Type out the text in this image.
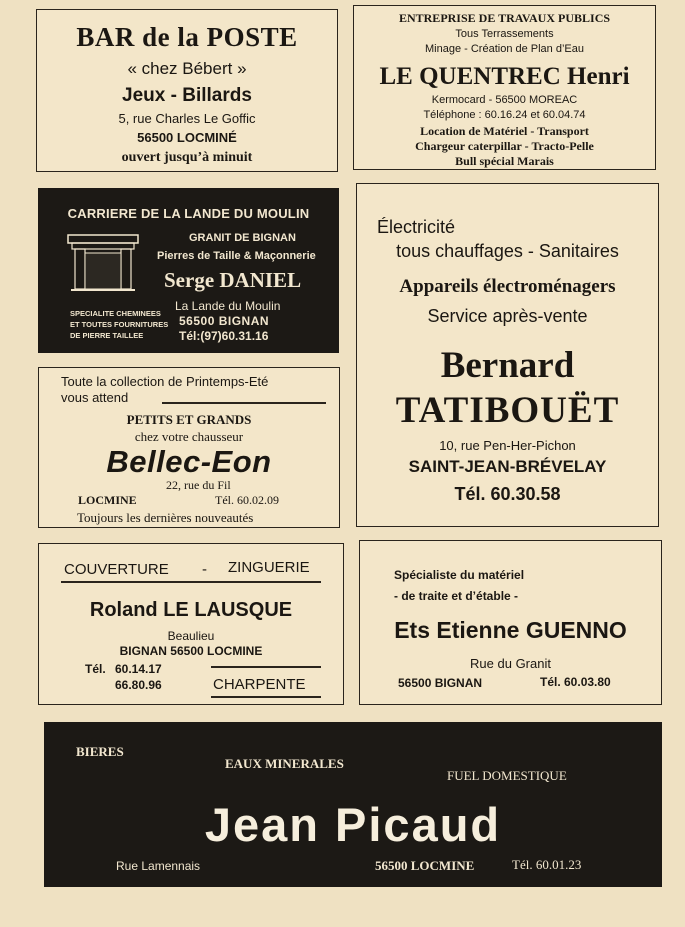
BAR de la POSTE
« chez Bébert »
Jeux - Billards
5, rue Charles Le Goffic
56500 LOCMINÉ
ouvert jusqu’à minuit
ENTREPRISE DE TRAVAUX PUBLICS
Tous Terrassements
Minage - Création de Plan d’Eau
LE QUENTREC Henri
Kermocard - 56500 MOREAC
Téléphone : 60.16.24 et 60.04.74
Location de Matériel - Transport
Chargeur caterpillar - Tracto-Pelle
Bull spécial Marais
CARRIERE DE LA LANDE DU MOULIN
GRANIT DE BIGNAN
Pierres de Taille & Maçonnerie
Serge DANIEL
SPECIALITE CHEMINEES
ET TOUTES FOURNITURES
DE PIERRE TAILLEE
La Lande du Moulin
56500 BIGNAN
Tél:(97)60.31.16
Électricité
tous chauffages - Sanitaires
Appareils électroménagers
Service après-vente
Bernard
TATIBOUËT
10, rue Pen-Her-Pichon
SAINT-JEAN-BRÉVELAY
Tél. 60.30.58
Toute la collection de Printemps-Eté
vous attend
PETITS ET GRANDS
chez votre chausseur
Bellec-Eon
22, rue du Fil
LOCMINE	Tél. 60.02.09
Toujours les dernières nouveautés
COUVERTURE	-	ZINGUERIE
Roland LE LAUSQUE
Beaulieu
BIGNAN 56500 LOCMINE
Tél. 60.14.17
66.80.96	CHARPENTE
Spécialiste du matériel
- de traite et d’étable -
Ets Etienne GUENNO
Rue du Granit
56500 BIGNAN	Tél. 60.03.80
BIERES
EAUX MINERALES
FUEL DOMESTIQUE
Jean Picaud
Rue Lamennais	56500 LOCMINE	Tél. 60.01.23
